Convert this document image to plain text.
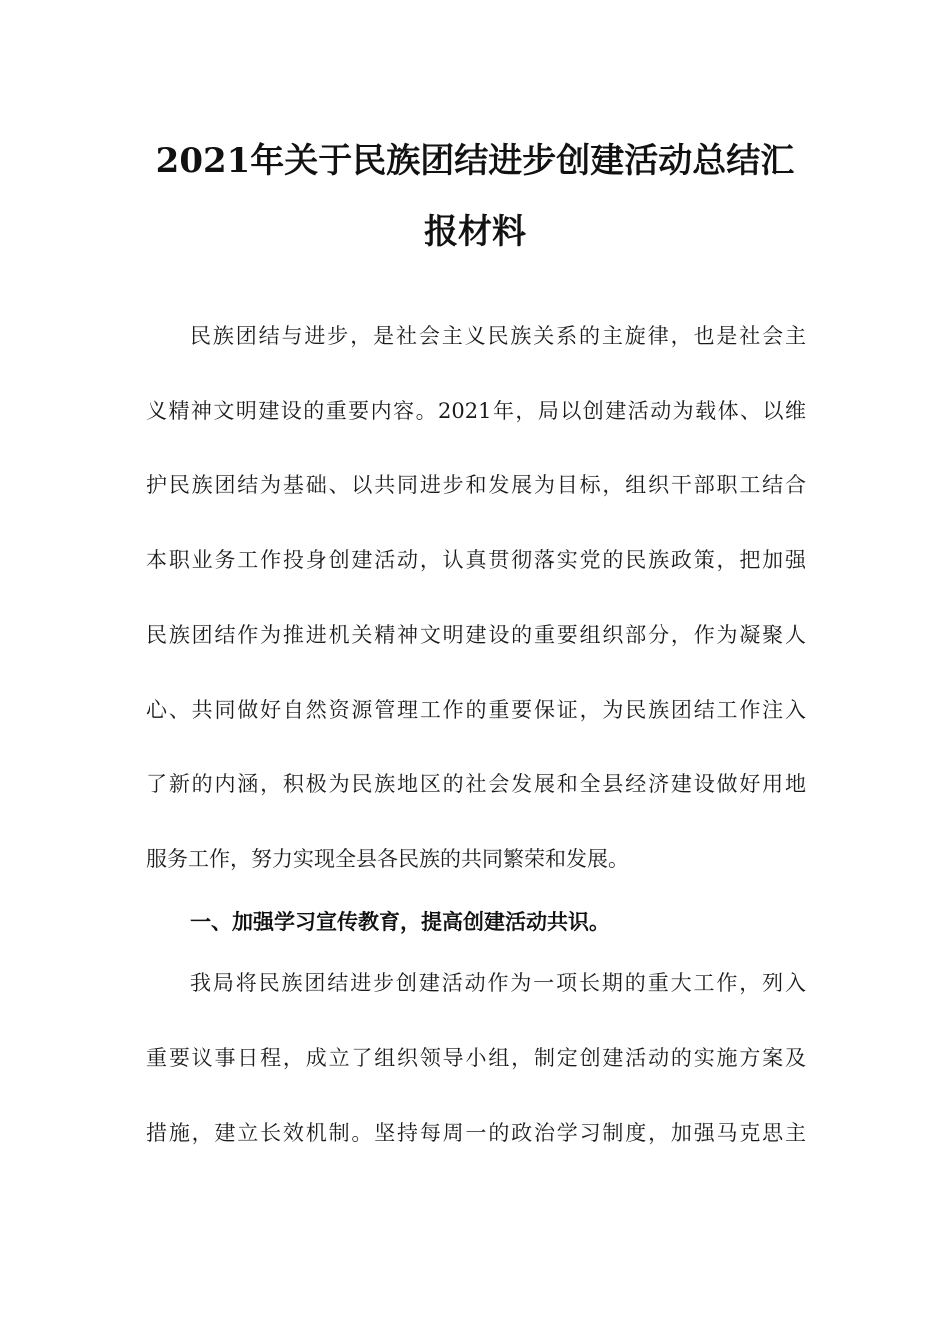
2021年关于民族团结进步创建活动总结汇
报材料
民族团结与进步，是社会主义民族关系的主旋律，也是社会主
义精神文明建设的重要内容。2021年，局以创建活动为载体、以维
护民族团结为基础、以共同进步和发展为目标，组织干部职工结合
本职业务工作投身创建活动，认真贯彻落实党的民族政策，把加强
民族团结作为推进机关精神文明建设的重要组织部分，作为凝聚人
心、共同做好自然资源管理工作的重要保证，为民族团结工作注入
了新的内涵，积极为民族地区的社会发展和全县经济建设做好用地
服务工作，努力实现全县各民族的共同繁荣和发展。
一、加强学习宣传教育，提高创建活动共识。
我局将民族团结进步创建活动作为一项长期的重大工作，列入
重要议事日程，成立了组织领导小组，制定创建活动的实施方案及
措施，建立长效机制。坚持每周一的政治学习制度，加强马克思主
